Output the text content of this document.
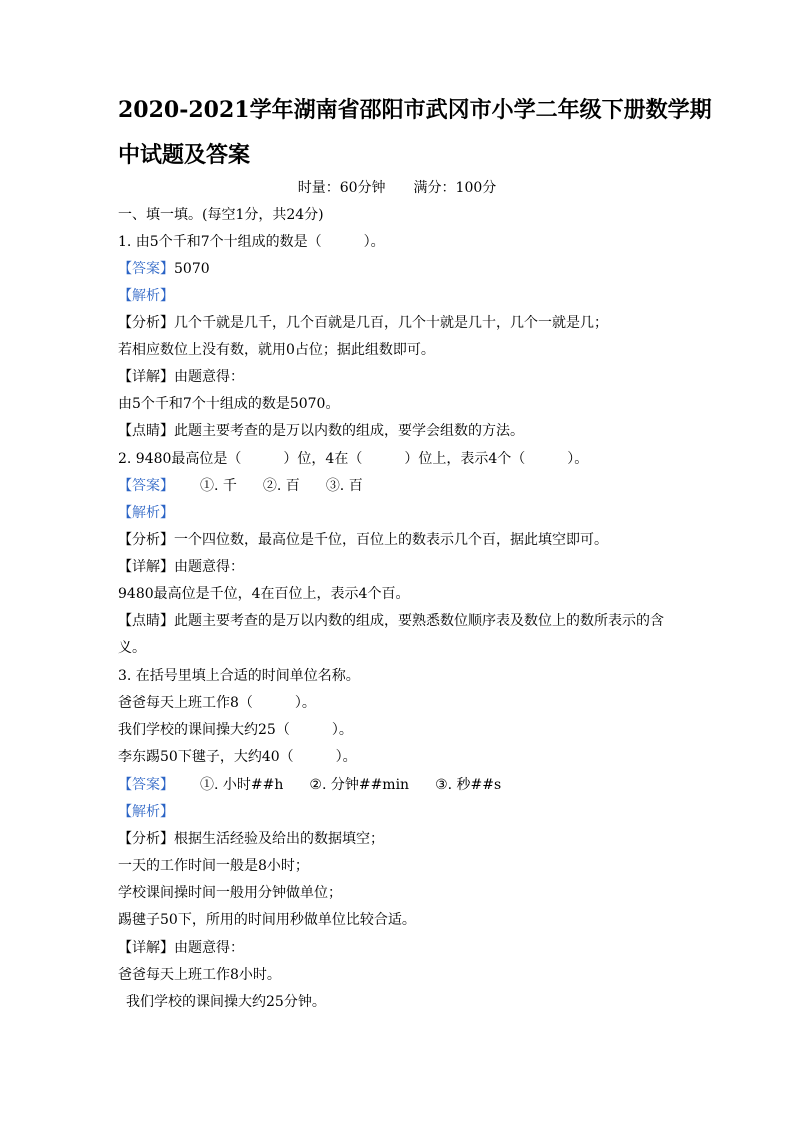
2020-2021学年湖南省邵阳市武冈市小学二年级下册数学期
中试题及答案
时量：60分钟　　满分：100分
一、填一填。(每空1分，共24分)
1. 由5个千和7个十组成的数是（　　　）。
【答案】5070
【解析】
【分析】几个千就是几千，几个百就是几百，几个十就是几十，几个一就是几；
若相应数位上没有数，就用0占位；据此组数即可。
【详解】由题意得：
由5个千和7个十组成的数是5070。
【点睛】此题主要考查的是万以内数的组成，要学会组数的方法。
2. 9480最高位是（　　　）位，4在（　　　）位上，表示4个（　　　）。
【答案】 ①. 千 ②. 百 ③. 百
【解析】
【分析】一个四位数，最高位是千位，百位上的数表示几个百，据此填空即可。
【详解】由题意得：
9480最高位是千位，4在百位上，表示4个百。
【点睛】此题主要考查的是万以内数的组成，要熟悉数位顺序表及数位上的数所表示的含
义。
3. 在括号里填上合适的时间单位名称。
爸爸每天上班工作8（　　　）。
我们学校的课间操大约25（　　　）。
李东踢50下毽子，大约40（　　　）。
【答案】 ①. 小时##h ②. 分钟##min ③. 秒##s
【解析】
【分析】根据生活经验及给出的数据填空；
一天的工作时间一般是8小时；
学校课间操时间一般用分钟做单位；
踢毽子50下，所用的时间用秒做单位比较合适。
【详解】由题意得：
爸爸每天上班工作8小时。
我们学校的课间操大约25分钟。
